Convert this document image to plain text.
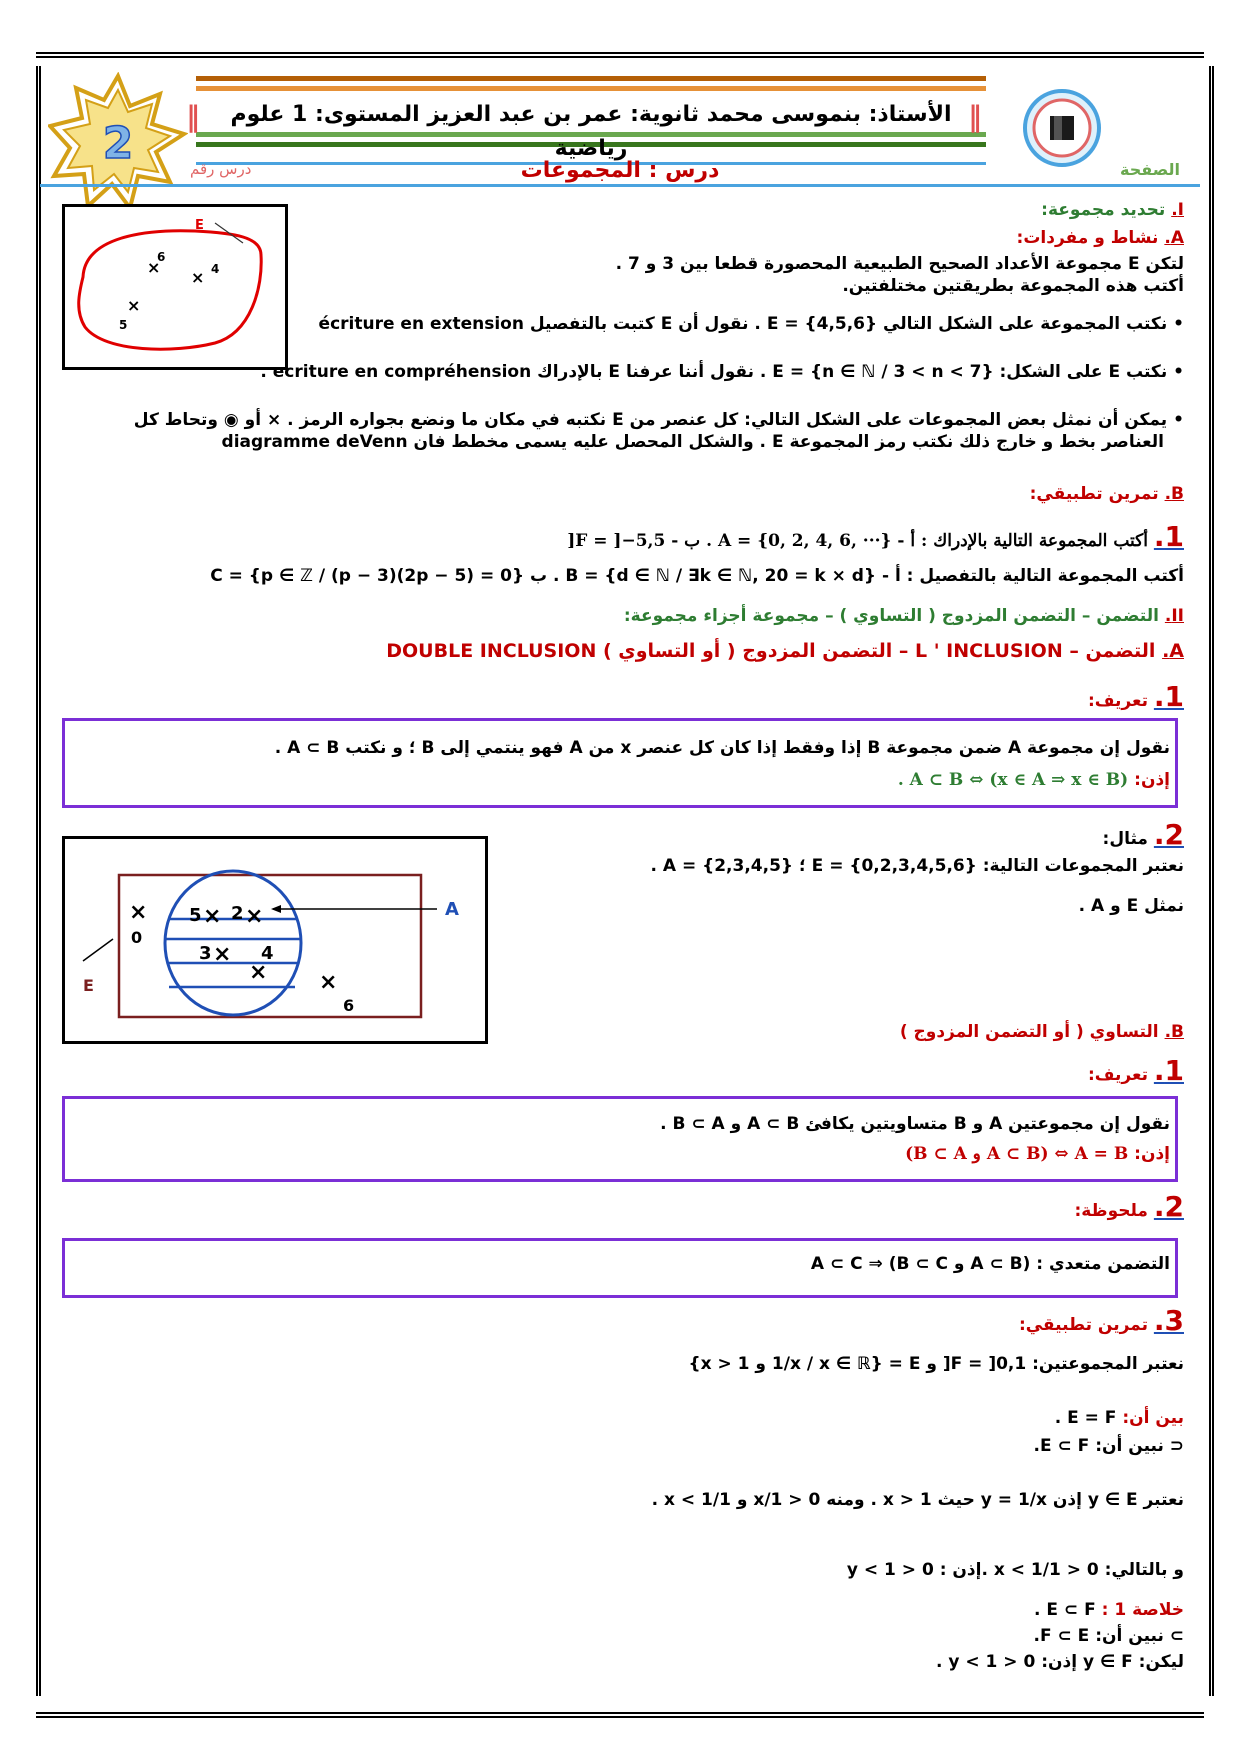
2
‖	‖
الأستاذ: بنموسى محمد ثانوية: عمر بن عبد العزيز المستوى: 1 علوم رياضية
الصفحة
درس رقم	درس : المجموعات
I. تحديد مجموعة:
A. نشاط و مفردات:
لتكن E مجموعة الأعداد الصحيح الطبيعية المحصورة قطعا بين 3 و 7 .
أكتب هذه المجموعة بطريقتين مختلفتين.
• نكتب المجموعة على الشكل التالي E = {4,5,6} . نقول أن E كتبت بالتفصيل écriture en extension
• نكتب E على الشكل: E = {n ∈ ℕ / 3 < n < 7} . نقول أننا عرفنا E بالإدراك écriture en compréhension .
• يمكن أن نمثل بعض المجموعات على الشكل التالي: كل عنصر من E نكتبه في مكان ما ونضع بجواره الرمز . × أو ◉ وتحاط كل
العناصر بخط و خارج ذلك نكتب رمز المجموعة E . والشكل المحصل عليه يسمى مخطط فان diagramme deVenn
E
×
6
× 4
×
5
B. تمرين تطبيقي:
1. أكتب المجموعة التالية بالإدراك : أ - A = {0, 2, 4, 6, ···} . ب - F = ]−5,5[
أكتب المجموعة التالية بالتفصيل : أ - B = {d ∈ ℕ / ∃k ∈ ℕ, 20 = k × d} . ب C = {p ∈ ℤ / (p − 3)(2p − 5) = 0}
II. التضمن – التضمن المزدوج ( التساوي ) – مجموعة أجزاء مجموعة:
A. التضمن – L ' INCLUSION – التضمن المزدوج ( أو التساوي ) DOUBLE INCLUSION
1. تعريف:
نقول إن مجموعة A ضمن مجموعة B إذا وفقط إذا كان كل عنصر x من A فهو ينتمي إلى B ؛ و نكتب A ⊂ B .
إذن: A ⊂ B ⇔ (x ∈ A ⇒ x ∈ B) .
2. مثال:
نعتبر المجموعات التالية: E = {0,2,3,4,5,6} ؛ A = {2,3,4,5} .
نمثل E و A .
A
E
5 × 2 ×
3 ×
×
4
×
0
×
6
B. التساوي ( أو التضمن المزدوج )
1. تعريف:
نقول إن مجموعتين A و B متساويتين يكافئ A ⊂ B و B ⊂ A .
إذن: A = B ⇔ (A ⊂ B و B ⊂ A)
2. ملحوظة:
التضمن متعدي : (A ⊂ B و B ⊂ C) ⇒ A ⊂ C
3. تمرين تطبيقي:
نعتبر المجموعتين: F = ]0,1[ و E = {1/x / x ∈ ℝ و x > 1}
بين أن: E = F .
⊂ نبين أن: E ⊂ F.
نعتبر y ∈ E إذن y = 1/x حيث x > 1 . ومنه 0 < 1/x و 1/x < 1 .
و بالتالي: 0 < 1/x < 1 .إذن : 0 < y < 1
خلاصة 1 : E ⊂ F .
⊃ نبين أن: F ⊂ E.
ليكن: y ∈ F إذن: 0 < y < 1 .
